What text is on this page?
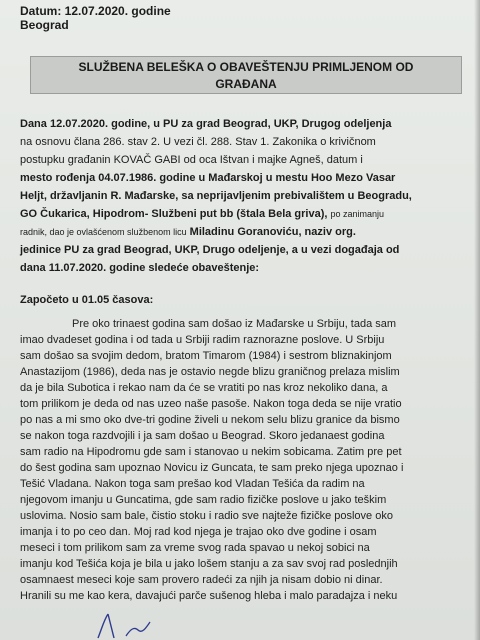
Datum: 12.07.2020. godine
Beograd
SLUŽBENA BELEŠKA O OBAVEŠTENJU PRIMLJENOM OD
GRAĐANA
Dana 12.07.2020. godine, u PU za grad Beograd, UKP, Drugog odeljenja
na osnovu člana 286. stav 2. U vezi čl. 288. Stav 1. Zakonika o krivičnom
postupku građanin KOVAČ GABI od oca Ištvan i majke Agneš, datum i
mesto rođenja 04.07.1986. godine u Mađarskoj u mestu Hoo Mezo Vasar
Heljt, državljanin R. Mađarske, sa neprijavljenim prebivalištem u Beogradu,
GO Čukarica, Hipodrom- Službeni put bb (štala Bela griva), po zanimanju
radnik, dao je ovlašćenom službenom licu Miladinu Goranoviću, naziv org.
jedinice PU za grad Beograd, UKP, Drugo odeljenje, a u vezi događaja od
dana 11.07.2020. godine sledeće obaveštenje:
Započeto u 01.05 časova:
Pre oko trinaest godina sam došao iz Mađarske u Srbiju, tada sam
imao dvadeset godina i od tada u Srbiji radim raznorazne poslove. U Srbiju
sam došao sa svojim dedom, bratom Timarom (1984) i sestrom bliznakinjom
Anastazijom (1986), deda nas je ostavio negde blizu graničnog prelaza mislim
da je bila Subotica i rekao nam da će se vratiti po nas kroz nekoliko dana, a
tom prilikom je deda od nas uzeo naše pasoše. Nakon toga deda se nije vratio
po nas a mi smo oko dve-tri godine živeli u nekom selu blizu granice da bismo
se nakon toga razdvojili i ja sam došao u Beograd. Skoro jedanaest godina
sam radio na Hipodromu gde sam i stanovao u nekim sobicama. Zatim pre pet
do šest godina sam upoznao Novicu iz Guncata, te sam preko njega upoznao i
Tešić Vladana. Nakon toga sam prešao kod Vladan Tešića da radim na
njegovom imanju u Guncatima, gde sam radio fizičke poslove u jako teškim
uslovima. Nosio sam bale, čistio stoku i radio sve najteže fizičke poslove oko
imanja i to po ceo dan. Moj rad kod njega je trajao oko dve godine i osam
meseci i tom prilikom sam za vreme svog rada spavao u nekoj sobici na
imanju kod Tešića koja je bila u jako lošem stanju a za sav svoj rad poslednjih
osamnaest meseci koje sam provero radeći za njih ja nisam dobio ni dinar.
Hranili su me kao kera, davajući parče sušenog hleba i malo paradajza i neku
